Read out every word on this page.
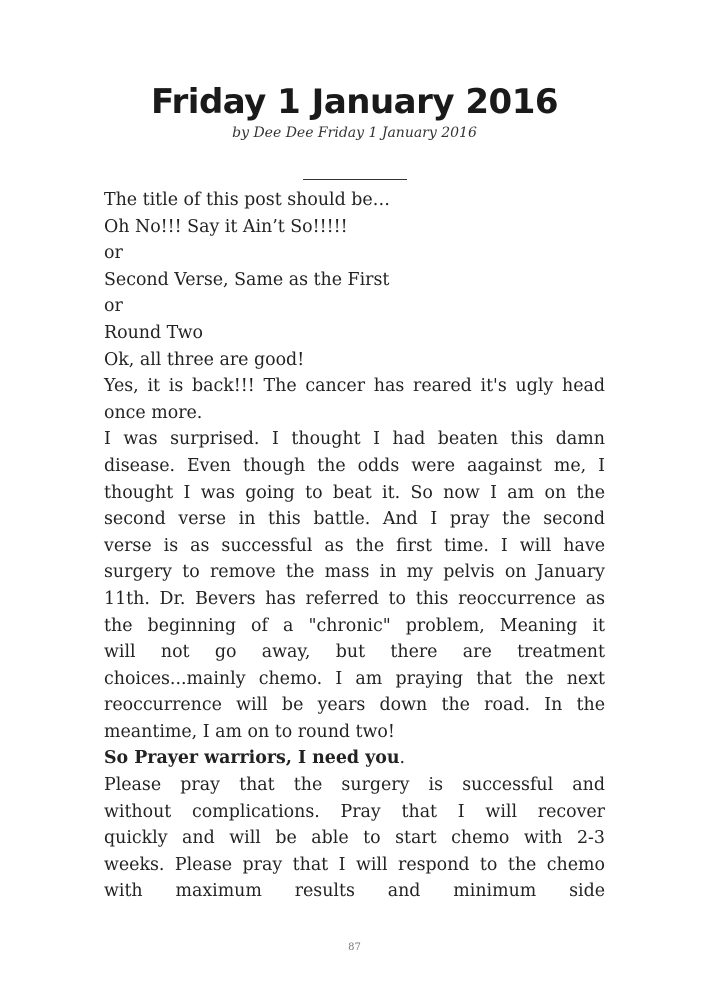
Friday 1 January 2016
by Dee Dee Friday 1 January 2016
The title of this post should be…
Oh No!!! Say it Ain’t So!!!!!
or
Second Verse, Same as the First
or
Round Two
Ok, all three are good!
Yes, it is back!!! The cancer has reared it's ugly head
once more.
I was surprised. I thought I had beaten this damn
disease. Even though the odds were aagainst me, I
thought I was going to beat it. So now I am on the
second verse in this battle. And I pray the second
verse is as successful as the first time. I will have
surgery to remove the mass in my pelvis on January
11th. Dr. Bevers has referred to this reoccurrence as
the beginning of a "chronic" problem, Meaning it
will not go away, but there are treatment
choices...mainly chemo. I am praying that the next
reoccurrence will be years down the road. In the
meantime, I am on to round two!
So Prayer warriors, I need you.
Please pray that the surgery is successful and
without complications. Pray that I will recover
quickly and will be able to start chemo with 2-3
weeks. Please pray that I will respond to the chemo
with maximum results and minimum side
87
